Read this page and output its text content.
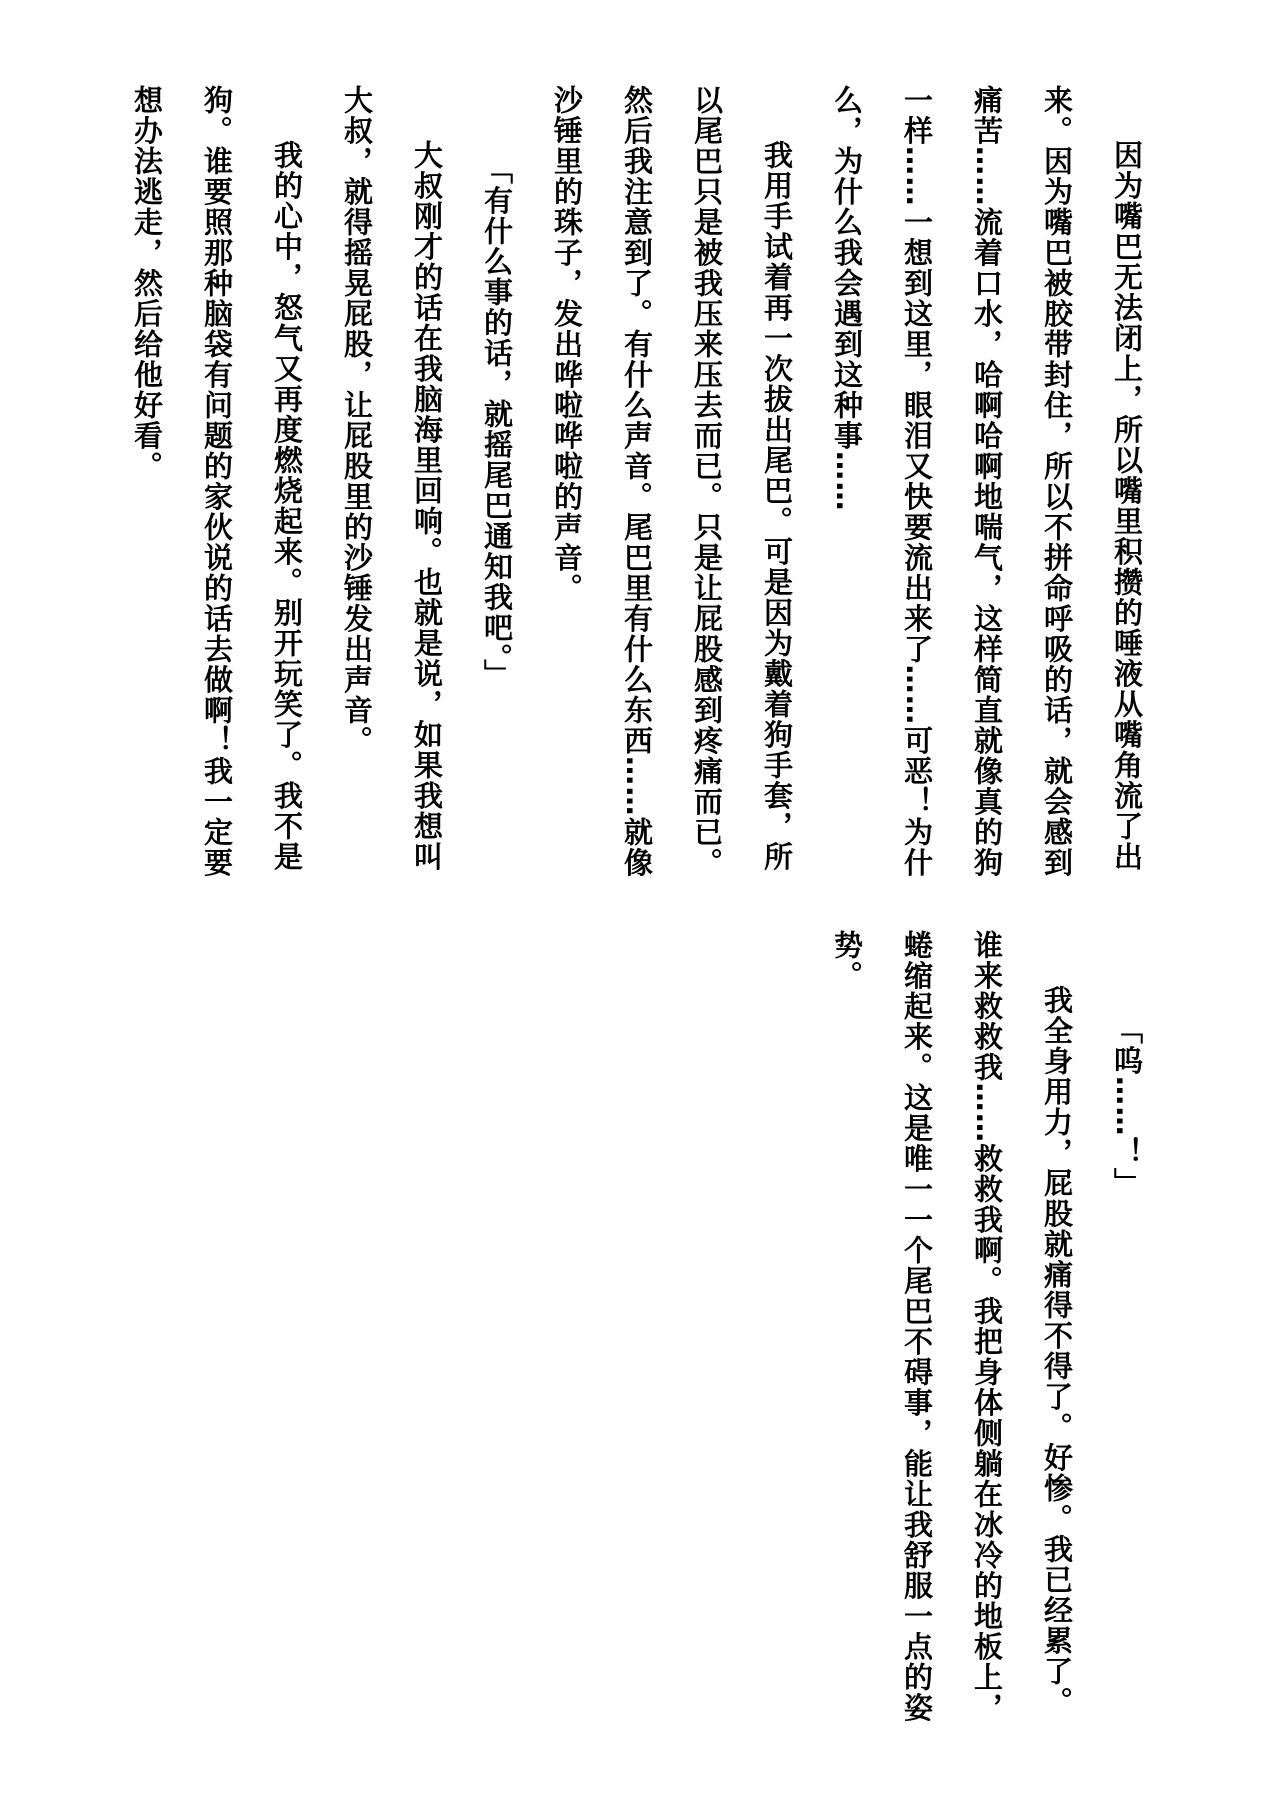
因为嘴巴无法闭上，所以嘴里积攒的唾液从嘴角流了出来。因为嘴巴被胶带封住，所以不拼命呼吸的话，就会感到痛苦……流着口水，哈啊哈啊地喘气，这样简直就像真的狗一样……一想到这里，眼泪又快要流出来了……可恶！为什么，为什么我会遇到这种事……

我用手试着再一次拔出尾巴。可是因为戴着狗手套，所以尾巴只是被我压来压去而已。只是让屁股感到疼痛而已。然后我注意到了。有什么声音。尾巴里有什么东西……就像沙锤里的珠子，发出哗啦哗啦的声音。

「有什么事的话，就摇尾巴通知我吧。」

大叔刚才的话在我脑海里回响。也就是说，如果我想叫大叔，就得摇晃屁股，让屁股里的沙锤发出声音。

我的心中，怒气又再度燃烧起来。别开玩笑了。我不是狗。谁要照那种脑袋有问题的家伙说的话去做啊！我一定要想办法逃走，然后给他好看。

「呜……！」

我全身用力，屁股就痛得不得了。好惨。我已经累了。谁来救救我……救救我啊。我把身体侧躺在冰冷的地板上，蜷缩起来。这是唯一一个尾巴不碍事，能让我舒服一点的姿势。
